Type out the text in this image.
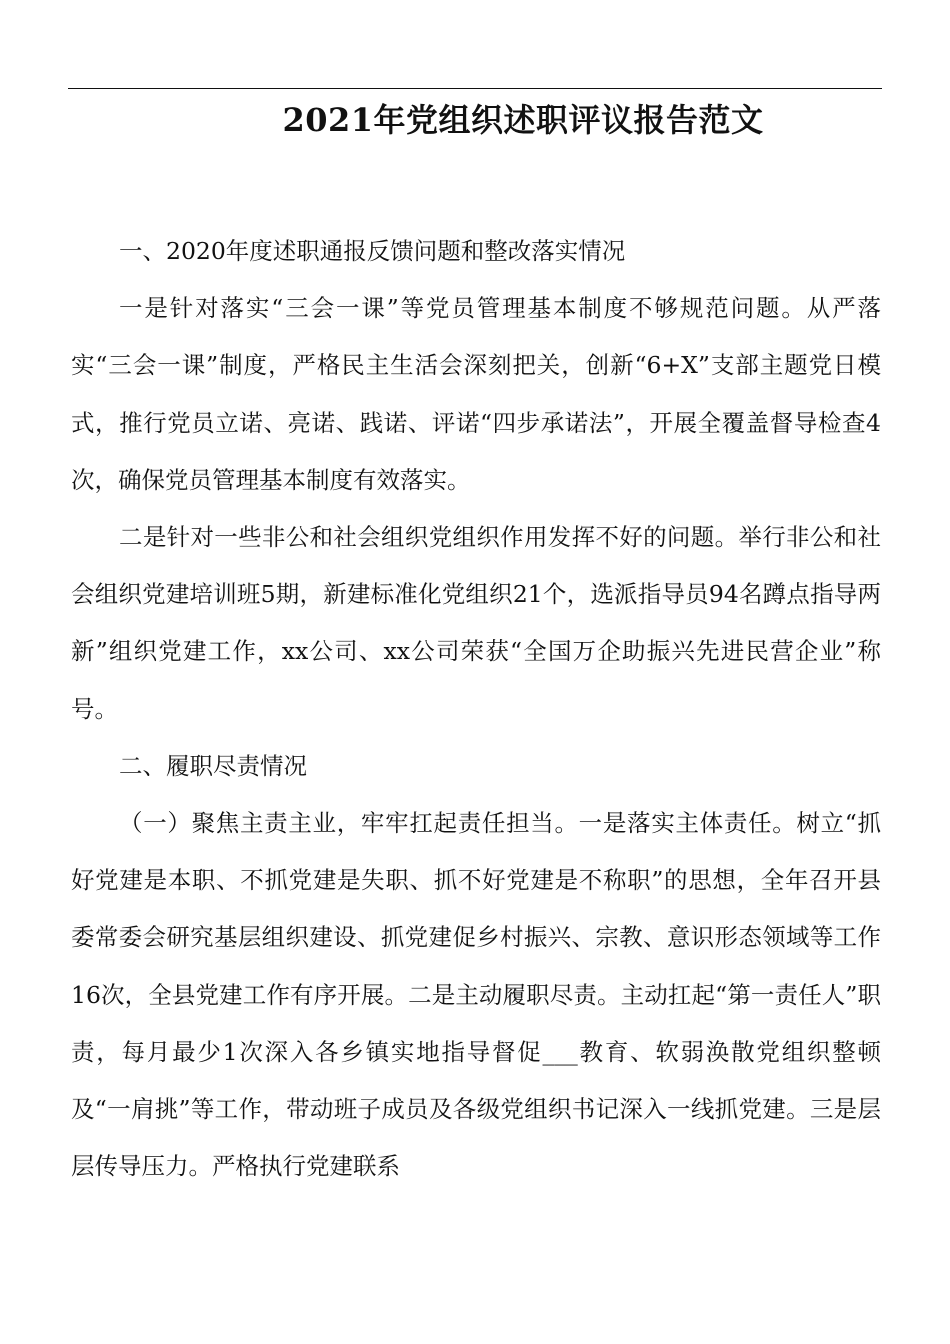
2021年党组织述职评议报告范文

一、2020年度述职通报反馈问题和整改落实情况

一是针对落实“三会一课”等党员管理基本制度不够规范问题。从严落实“三会一课”制度，严格民主生活会深刻把关，创新“6+X”支部主题党日模式，推行党员立诺、亮诺、践诺、评诺“四步承诺法”，开展全覆盖督导检查4次，确保党员管理基本制度有效落实。

二是针对一些非公和社会组织党组织作用发挥不好的问题。举行非公和社会组织党建培训班5期，新建标准化党组织21个，选派指导员94名蹲点指导两新”组织党建工作，xx公司、xx公司荣获“全国万企助振兴先进民营企业”称号。

二、履职尽责情况

（一）聚焦主责主业，牢牢扛起责任担当。一是落实主体责任。树立“抓好党建是本职、不抓党建是失职、抓不好党建是不称职”的思想，全年召开县委常委会研究基层组织建设、抓党建促乡村振兴、宗教、意识形态领域等工作16次，全县党建工作有序开展。二是主动履职尽责。主动扛起“第一责任人”职责，每月最少1次深入各乡镇实地指导督促___教育、软弱涣散党组织整顿及“一肩挑”等工作，带动班子成员及各级党组织书记深入一线抓党建。三是层层传导压力。严格执行党建联系
